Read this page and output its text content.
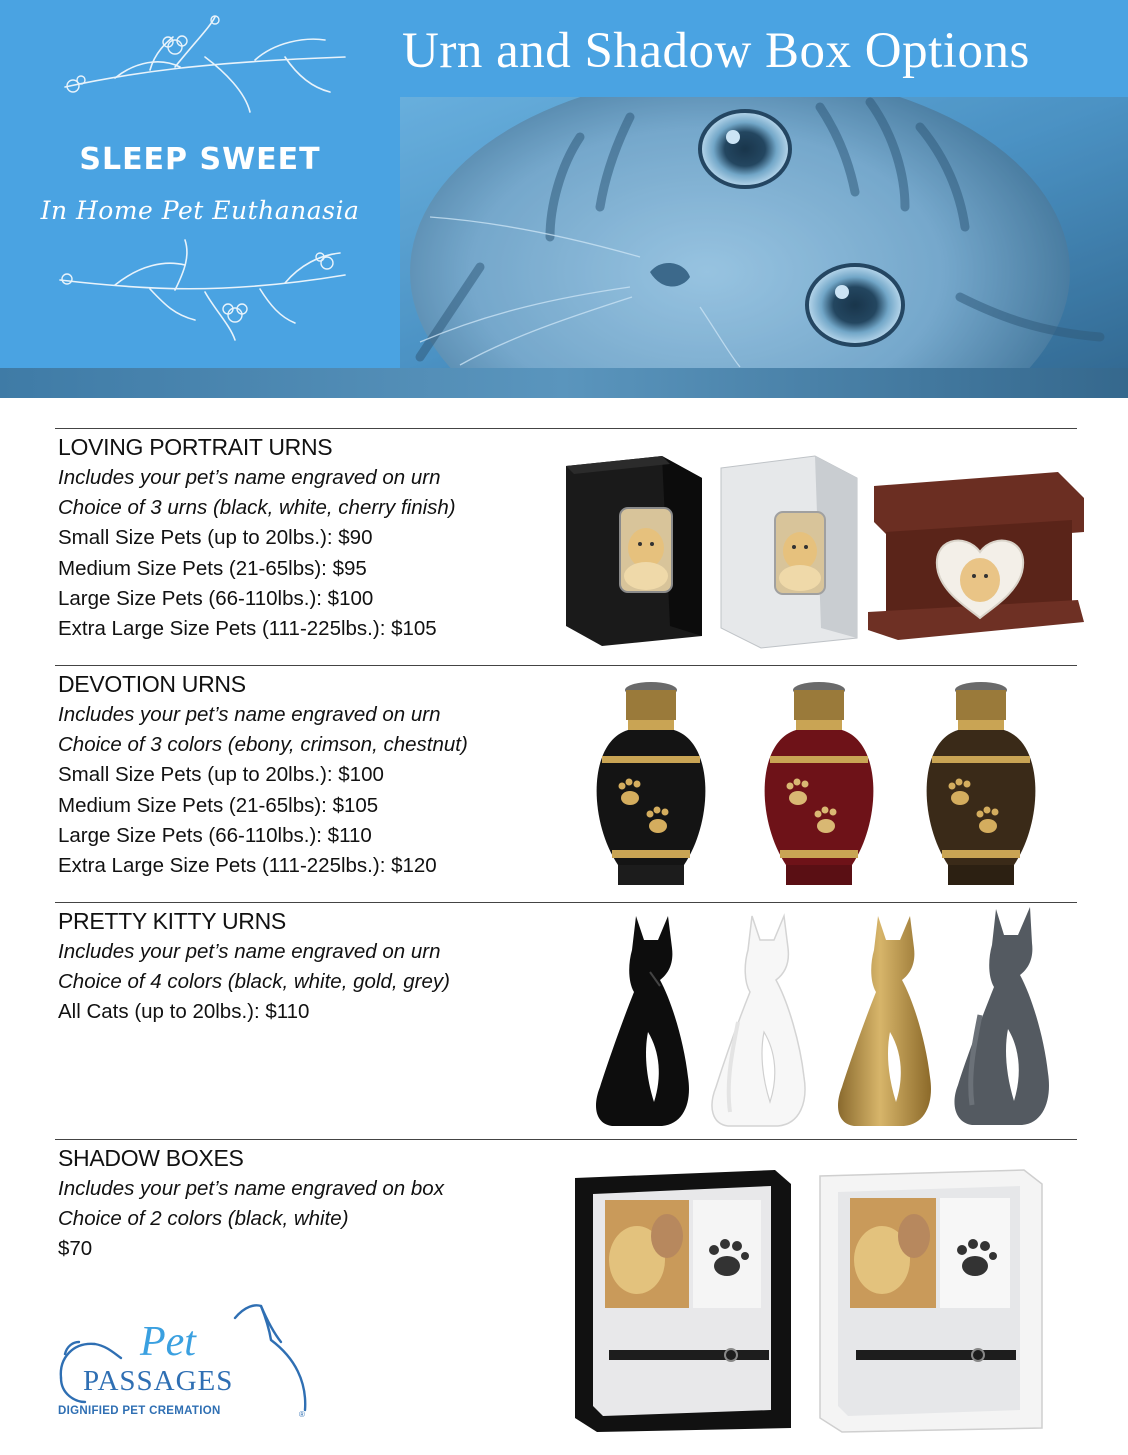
SLEEP SWEET
In Home Pet Euthanasia
Urn and Shadow Box Options
LOVING PORTRAIT URNS
Includes your pet’s name engraved on urn
Choice of 3 urns (black, white, cherry finish)
Small Size Pets (up to 20lbs.): $90
Medium Size Pets (21-65lbs): $95
Large Size Pets (66-110lbs.): $100
Extra Large Size Pets (111-225lbs.): $105
DEVOTION URNS
Includes your pet’s name engraved on urn
Choice of 3 colors (ebony, crimson, chestnut)
Small Size Pets (up to 20lbs.): $100
Medium Size Pets (21-65lbs): $105
Large Size Pets (66-110lbs.): $110
Extra Large Size Pets (111-225lbs.): $120
PRETTY KITTY URNS
Includes your pet’s name engraved on urn
Choice of 4 colors (black, white, gold, grey)
All Cats (up to 20lbs.): $110
SHADOW BOXES
Includes your pet’s name engraved on box
Choice of 2 colors (black, white)
$70
Pet
PASSAGES
DIGNIFIED PET CREMATION	®
